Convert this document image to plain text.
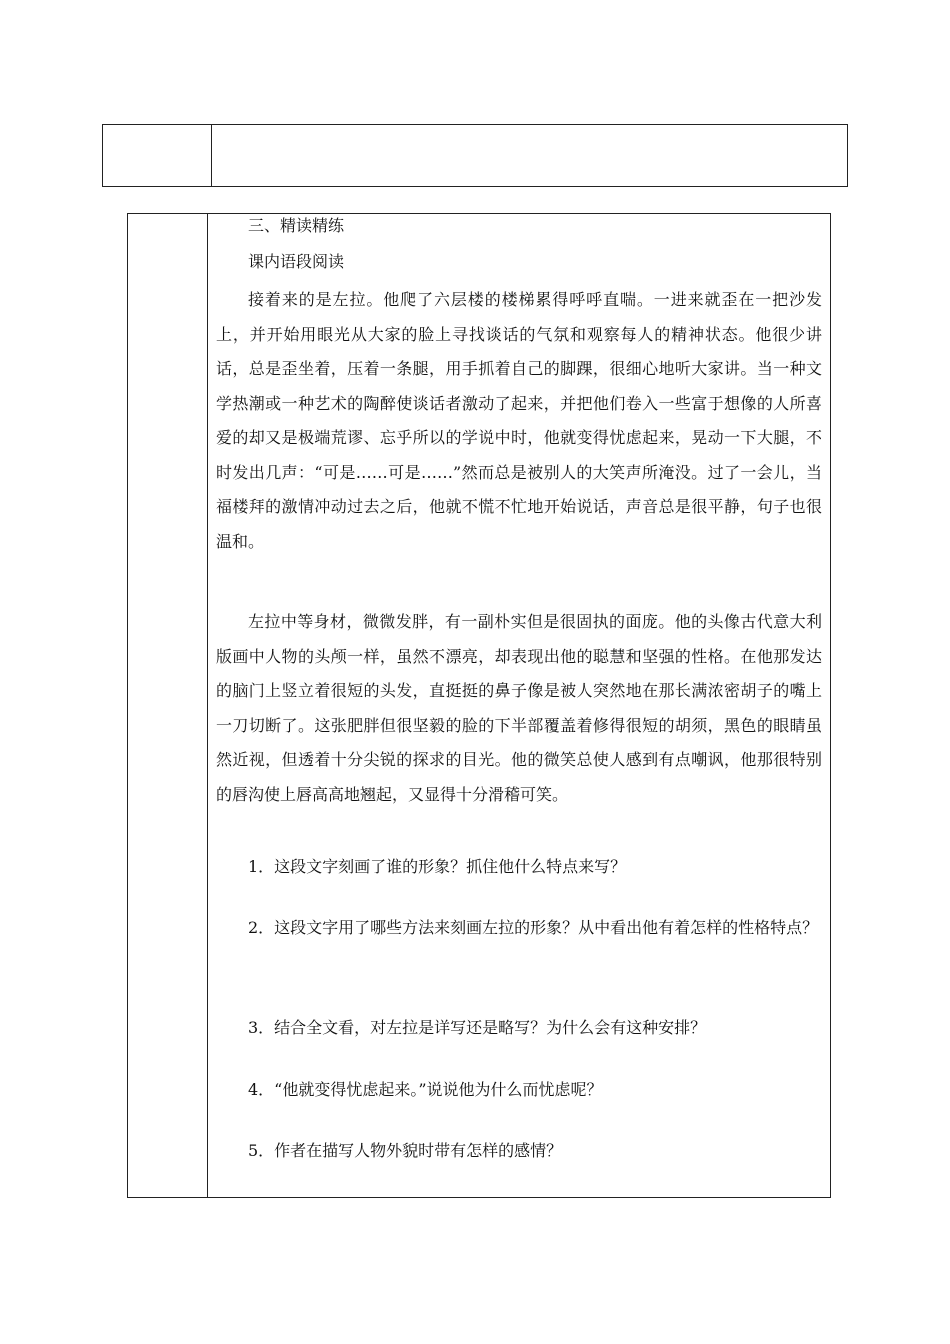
三、精读精练
课内语段阅读
接着来的是左拉。他爬了六层楼的楼梯累得呼呼直喘。一进来就歪在一把沙发上，并开始用眼光从大家的脸上寻找谈话的气氛和观察每人的精神状态。他很少讲话，总是歪坐着，压着一条腿，用手抓着自己的脚踝，很细心地听大家讲。当一种文学热潮或一种艺术的陶醉使谈话者激动了起来，并把他们卷入一些富于想像的人所喜爱的却又是极端荒谬、忘乎所以的学说中时，他就变得忧虑起来，晃动一下大腿，不时发出几声：“可是……可是……”然而总是被别人的大笑声所淹没。过了一会儿，当福楼拜的激情冲动过去之后，他就不慌不忙地开始说话，声音总是很平静，句子也很温和。
左拉中等身材，微微发胖，有一副朴实但是很固执的面庞。他的头像古代意大利版画中人物的头颅一样，虽然不漂亮，却表现出他的聪慧和坚强的性格。在他那发达的脑门上竖立着很短的头发，直挺挺的鼻子像是被人突然地在那长满浓密胡子的嘴上一刀切断了。这张肥胖但很坚毅的脸的下半部覆盖着修得很短的胡须，黑色的眼睛虽然近视，但透着十分尖锐的探求的目光。他的微笑总使人感到有点嘲讽，他那很特别的唇沟使上唇高高地翘起，又显得十分滑稽可笑。
1．这段文字刻画了谁的形象？抓住他什么特点来写？
2．这段文字用了哪些方法来刻画左拉的形象？从中看出他有着怎样的性格特点？
3．结合全文看，对左拉是详写还是略写？为什么会有这种安排？
4．“他就变得忧虑起来。”说说他为什么而忧虑呢？
5．作者在描写人物外貌时带有怎样的感情？
